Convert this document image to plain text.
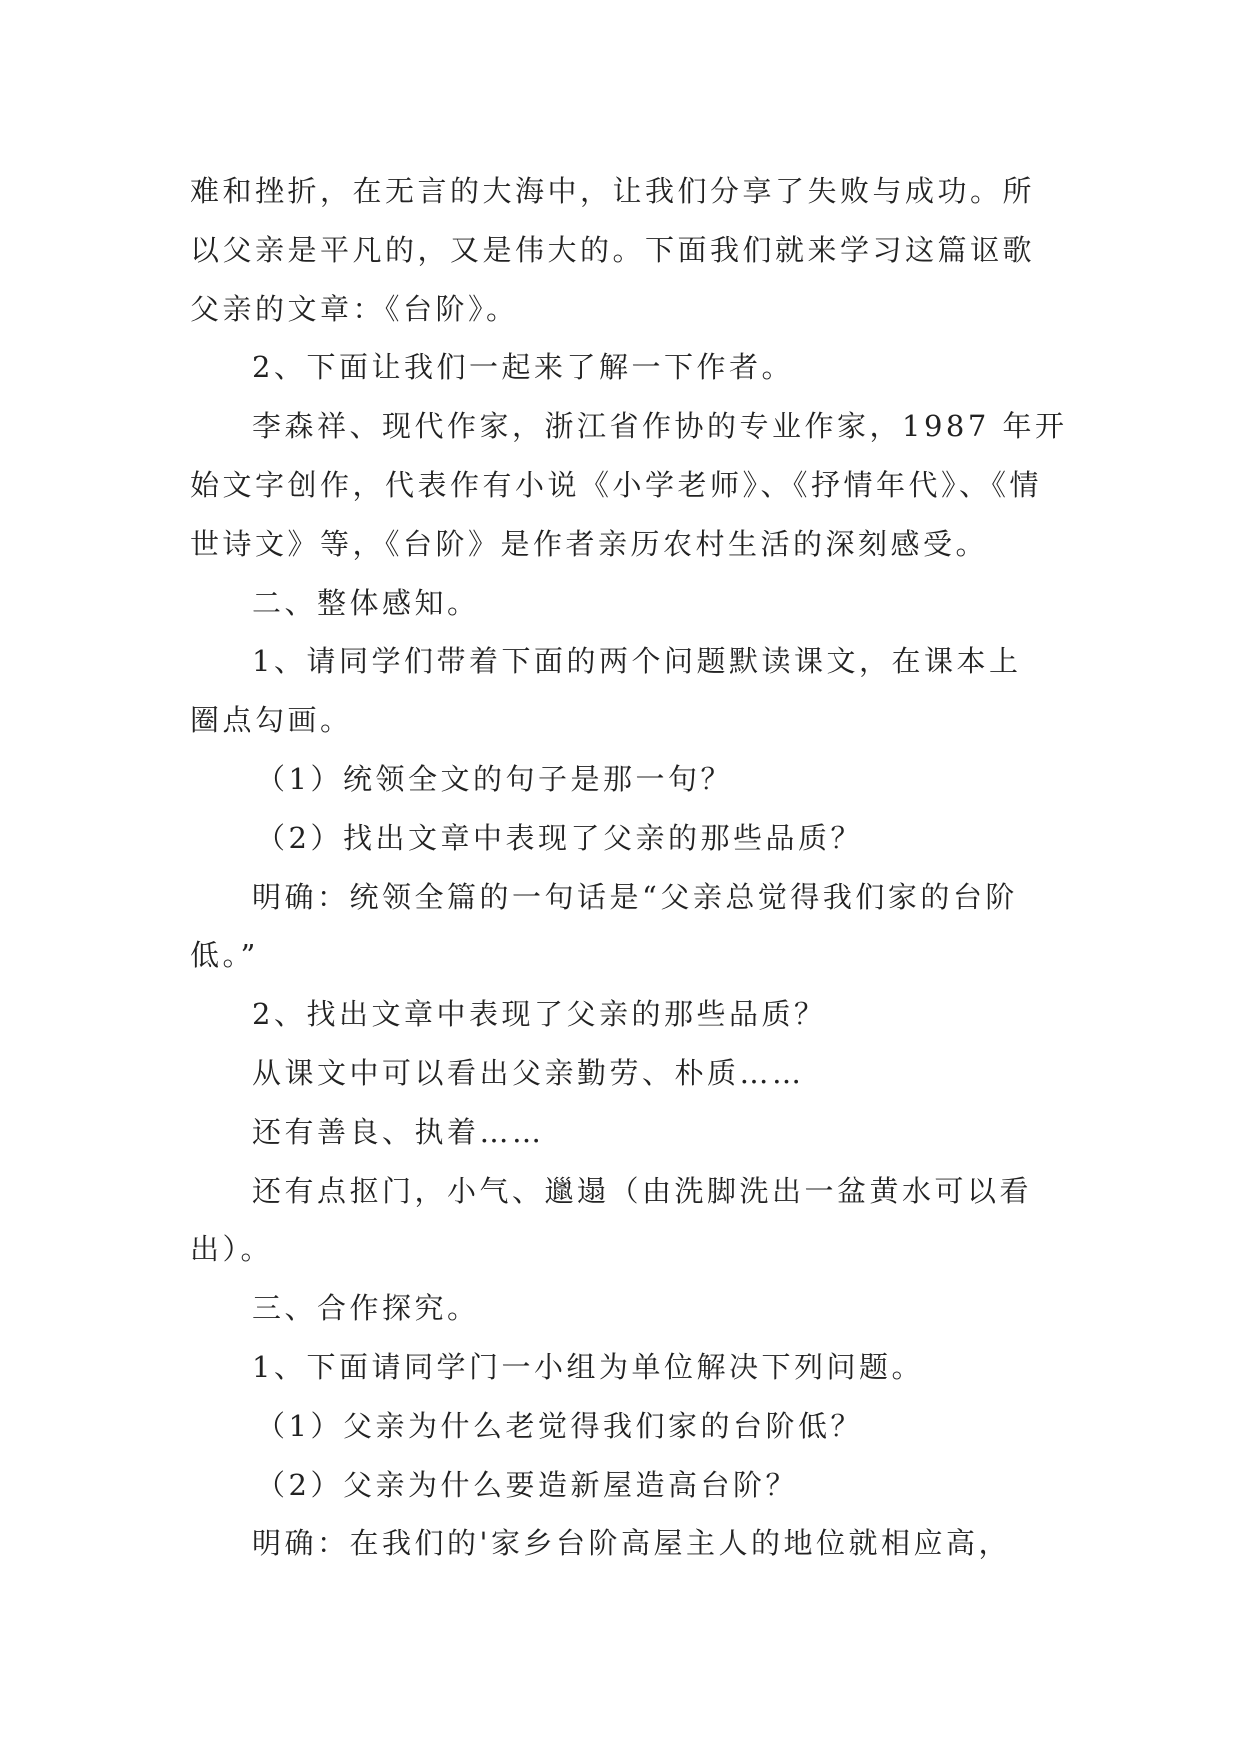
难和挫折，在无言的大海中，让我们分享了失败与成功。所
以父亲是平凡的，又是伟大的。下面我们就来学习这篇讴歌
父亲的文章：《台阶》。
2、下面让我们一起来了解一下作者。
李森祥、现代作家，浙江省作协的专业作家，1987 年开
始文字创作，代表作有小说《小学老师》、《抒情年代》、《情
世诗文》等，《台阶》是作者亲历农村生活的深刻感受。
二、整体感知。
1、请同学们带着下面的两个问题默读课文，在课本上
圈点勾画。
（1）统领全文的句子是那一句？
（2）找出文章中表现了父亲的那些品质？
明确：统领全篇的一句话是“父亲总觉得我们家的台阶
低。”
2、找出文章中表现了父亲的那些品质？
从课文中可以看出父亲勤劳、朴质……
还有善良、执着……
还有点抠门，小气、邋遢（由洗脚洗出一盆黄水可以看
出）。
三、合作探究。
1、下面请同学门一小组为单位解决下列问题。
（1）父亲为什么老觉得我们家的台阶低？
（2）父亲为什么要造新屋造高台阶？
明确：在我们的'家乡台阶高屋主人的地位就相应高，
